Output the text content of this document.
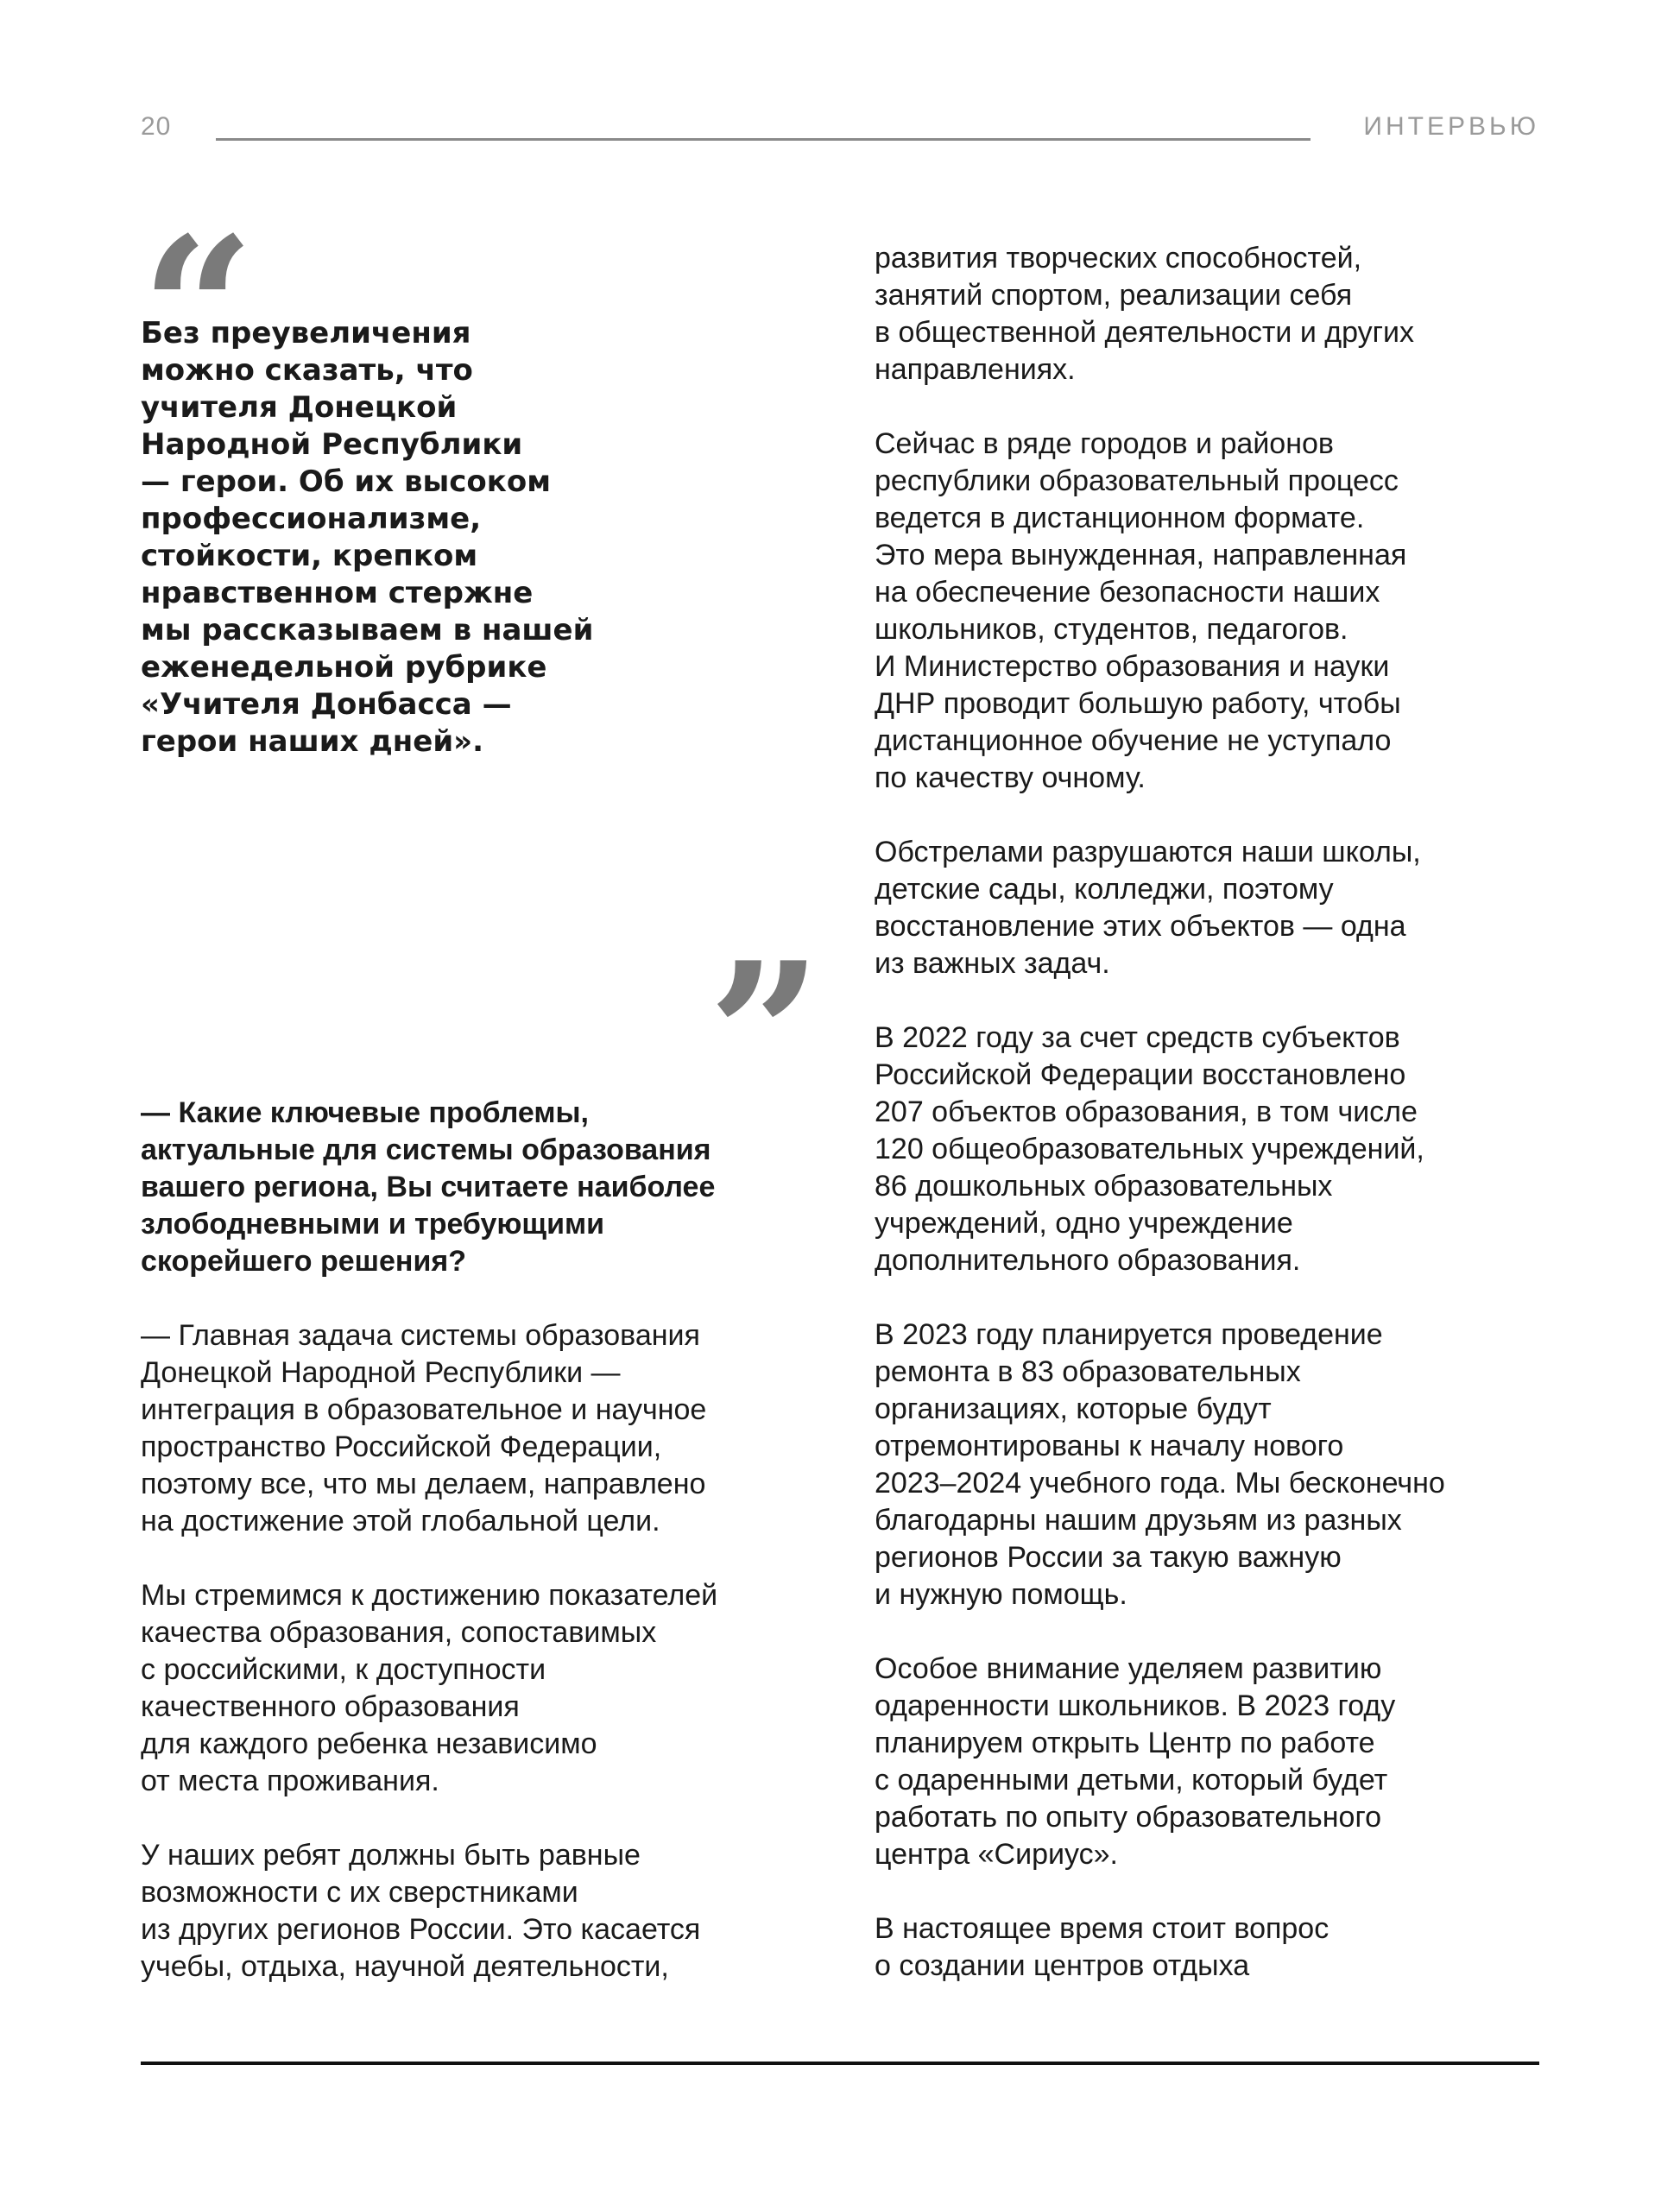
20	ИНТЕРВЬЮ

Без преувеличения
можно сказать, что
учителя Донецкой
Народной Республики
— герои. Об их высоком
профессионализме,
стойкости, крепком
нравственном стержне
мы рассказываем в нашей
еженедельной рубрике
«Учителя Донбасса —
герои наших дней».

— Какие ключевые проблемы,
актуальные для системы образования
вашего региона, Вы считаете наиболее
злободневными и требующими
скорейшего решения?

— Главная задача системы образования
Донецкой Народной Республики —
интеграция в образовательное и научное
пространство Российской Федерации,
поэтому все, что мы делаем, направлено
на достижение этой глобальной цели.

Мы стремимся к достижению показателей
качества образования, сопоставимых
с российскими, к доступности
качественного образования
для каждого ребенка независимо
от места проживания.

У наших ребят должны быть равные
возможности с их сверстниками
из других регионов России. Это касается
учебы, отдыха, научной деятельности,

развития творческих способностей,
занятий спортом, реализации себя
в общественной деятельности и других
направлениях.

Сейчас в ряде городов и районов
республики образовательный процесс
ведется в дистанционном формате.
Это мера вынужденная, направленная
на обеспечение безопасности наших
школьников, студентов, педагогов.
И Министерство образования и науки
ДНР проводит большую работу, чтобы
дистанционное обучение не уступало
по качеству очному.

Обстрелами разрушаются наши школы,
детские сады, колледжи, поэтому
восстановление этих объектов — одна
из важных задач.

В 2022 году за счет средств субъектов
Российской Федерации восстановлено
207 объектов образования, в том числе
120 общеобразовательных учреждений,
86 дошкольных образовательных
учреждений, одно учреждение
дополнительного образования.

В 2023 году планируется проведение
ремонта в 83 образовательных
организациях, которые будут
отремонтированы к началу нового
2023–2024 учебного года. Мы бесконечно
благодарны нашим друзьям из разных
регионов России за такую важную
и нужную помощь.

Особое внимание уделяем развитию
одаренности школьников. В 2023 году
планируем открыть Центр по работе
с одаренными детьми, который будет
работать по опыту образовательного
центра «Сириус».

В настоящее время стоит вопрос
о создании центров отдыха
